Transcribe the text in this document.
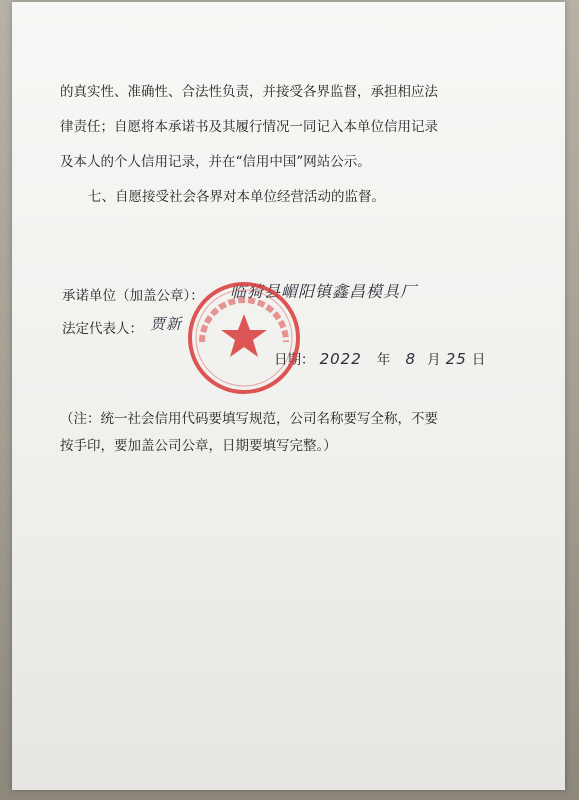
的真实性、准确性、合法性负责，并接受各界监督，承担相应法

律责任；自愿将本承诺书及其履行情况一同记入本单位信用记录

及本人的个人信用记录，并在“信用中国”网站公示。

七、自愿接受社会各界对本单位经营活动的监督。

承诺单位（加盖公章）： 临猗县嵋阳镇鑫昌模具厂

法定代表人： 贾新

日期： 2022 年 8 月 25 日

（注：统一社会信用代码要填写规范，公司名称要写全称，不要

按手印，要加盖公司公章，日期要填写完整。）
